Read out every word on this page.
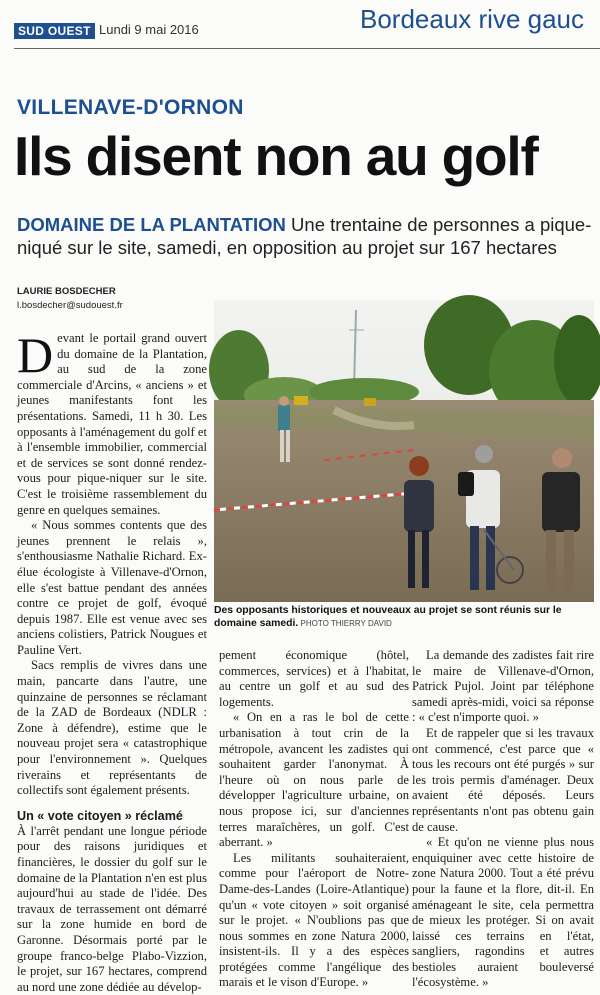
SUD OUEST Lundi 9 mai 2016	Bordeaux rive gauc
VILLENAVE-D'ORNON
Ils disent non au golf
DOMAINE DE LA PLANTATION Une trentaine de personnes a pique-niqué sur le site, samedi, en opposition au projet sur 167 hectares
LAURIE BOSDECHER
l.bosdecher@sudouest.fr

Devant le portail grand ouvert du domaine de la Plantation, au sud de la zone commerciale d'Arcins, « anciens » et jeunes manifestants font les présentations. Samedi, 11 h 30. Les opposants à l'aménagement du golf et à l'ensemble immobilier, commercial et de services se sont donné rendez-vous pour pique-niquer sur le site. C'est le troisième rassemblement du genre en quelques semaines.

« Nous sommes contents que des jeunes prennent le relais », s'enthousiasme Nathalie Richard. Ex-élue écologiste à Villenave-d'Ornon, elle s'est battue pendant des années contre ce projet de golf, évoqué depuis 1987. Elle est venue avec ses anciens colistiers, Patrick Nougues et Pauline Vert.

Sacs remplis de vivres dans une main, pancarte dans l'autre, une quinzaine de personnes se réclamant de la ZAD de Bordeaux (NDLR : Zone à défendre), estime que le nouveau projet sera « catastrophique pour l'environnement ». Quelques riverains et représentants de collectifs sont également présents.

Un « vote citoyen » réclamé

À l'arrêt pendant une longue période pour des raisons juridiques et financières, le dossier du golf sur le domaine de la Plantation n'en est plus aujourd'hui au stade de l'idée. Des travaux de terrassement ont démarré sur la zone humide en bord de Garonne. Désormais porté par le groupe franco-belge Plabo-Vizzion, le projet, sur 167 hectares, comprend au nord une zone dédiée au dévelop-

Des opposants historiques et nouveaux au projet se sont réunis sur le domaine samedi. PHOTO THIERRY DAVID

pement économique (hôtel, commerces, services) et à l'habitat, au centre un golf et au sud des logements.

« On en a ras le bol de cette urbanisation à tout crin de la métropole, avancent les zadistes qui souhaitent garder l'anonymat. À l'heure où on nous parle de développer l'agriculture urbaine, on nous propose ici, sur d'anciennes terres maraîchères, un golf. C'est aberrant. »

Les militants souhaiteraient, comme pour l'aéroport de Notre-Dame-des-Landes (Loire-Atlantique) qu'un « vote citoyen » soit organisé sur le projet. « N'oublions pas que nous sommes en zone Natura 2000, insistent-ils. Il y a des espèces protégées comme l'angélique des marais et le vison d'Europe. »

La demande des zadistes fait rire le maire de Villenave-d'Ornon, Patrick Pujol. Joint par téléphone samedi après-midi, voici sa réponse : « c'est n'importe quoi. »

Et de rappeler que si les travaux ont commencé, c'est parce que « tous les recours ont été purgés » sur les trois permis d'aménager. Deux avaient été déposés. Leurs représentants n'ont pas obtenu gain de cause.

« Et qu'on ne vienne plus nous enquiquiner avec cette histoire de zone Natura 2000. Tout a été prévu pour la faune et la flore, dit-il. En aménageant le site, cela permettra de mieux les protéger. Si on avait laissé ces terrains en l'état, sangliers, ragondins et autres bestioles auraient bouleversé l'écosystème. »
